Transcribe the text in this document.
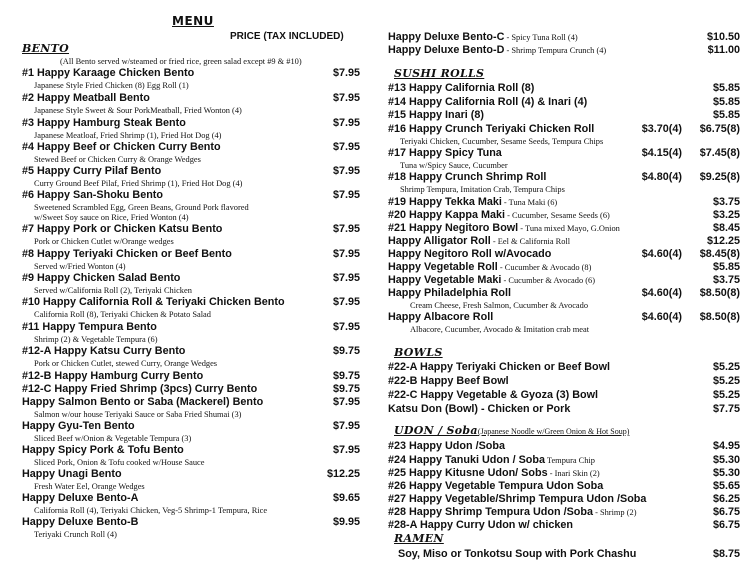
MENU
PRICE (TAX INCLUDED)
BENTO
(All Bento served w/steamed or fried rice, green salad except #9 & #10)
#1 Happy Karaage Chicken Bento	$7.95
Japanese Style Fried Chicken (8) Egg Roll (1)
#2 Happy Meatball Bento	$7.95
Japanese Style Sweet & Sour PorkMeatball, Fried Wonton (4)
#3 Happy Hamburg Steak Bento	$7.95
Japanese Meatloaf, Fried Shrimp (1), Fried Hot Dog (4)
#4 Happy Beef or Chicken Curry Bento	$7.95
Stewed Beef or Chicken Curry & Orange Wedges
#5 Happy Curry Pilaf Bento	$7.95
Curry Ground Beef Pilaf, Fried Shrimp (1), Fried Hot Dog (4)
#6 Happy San-Shoku Bento	$7.95
Sweetened Scrambled Egg, Green Beans, Ground Pork flavored
w/Sweet Soy sauce on Rice, Fried Wonton (4)
#7 Happy Pork or Chicken Katsu Bento	$7.95
Pork or Chicken Cutlet w/Orange wedges
#8 Happy Teriyaki Chicken or Beef Bento	$7.95
Served w/Fried Wonton (4)
#9 Happy Chicken Salad Bento	$7.95
Served w/California Roll (2), Teriyaki Chicken
#10 Happy California Roll & Teriyaki Chicken Bento	$7.95
California Roll (8), Teriyaki Chicken & Potato Salad
#11 Happy Tempura Bento	$7.95
Shrimp (2) & Vegetable Tempura (6)
#12-A Happy Katsu Curry Bento	$9.75
Pork or Chicken Cutlet, stewed Curry, Orange Wedges
#12-B Happy Hamburg Curry Bento	$9.75
#12-C Happy Fried Shrimp (3pcs) Curry Bento	$9.75
Happy Salmon Bento or Saba (Mackerel) Bento	$7.95
Salmon w/our house Teriyaki Sauce or Saba Fried Shumai (3)
Happy Gyu-Ten Bento	$7.95
Sliced Beef w/Onion & Vegetable Tempura (3)
Happy Spicy Pork & Tofu Bento	$7.95
Sliced Pork, Onion & Tofu cooked w/House Sauce
Happy Unagi Bento	$12.25
Fresh Water Eel, Orange Wedges
Happy Deluxe Bento-A	$9.65
California Roll (4), Teriyaki Chicken, Veg-5 Shrimp-1 Tempura, Rice
Happy Deluxe Bento-B	$9.95
Teriyaki Crunch Roll (4)
Happy Deluxe Bento-C - Spicy Tuna Roll (4)	$10.50
Happy Deluxe Bento-D - Shrimp Tempura Crunch (4)	$11.00
SUSHI ROLLS
#13 Happy California Roll (8)	$5.85
#14 Happy California Roll (4) & Inari (4)	$5.85
#15 Happy Inari (8)	$5.85
#16 Happy Crunch Teriyaki Chicken Roll	$3.70(4) $6.75(8)
Teriyaki Chicken, Cucumber, Sesame Seeds, Tempura Chips
#17 Happy Spicy Tuna	$4.15(4) $7.45(8)
Tuna w/Spicy Sauce, Cucumber
#18 Happy Crunch Shrimp Roll	$4.80(4) $9.25(8)
Shrimp Tempura, Imitation Crab, Tempura Chips
#19 Happy Tekka Maki - Tuna Maki (6)	$3.75
#20 Happy Kappa Maki - Cucumber, Sesame Seeds (6)	$3.25
#21 Happy Negitoro Bowl - Tuna mixed Mayo, G.Onion	$8.45
Happy Alligator Roll - Eel & California Roll	$12.25
Happy Negitoro Roll w/Avocado	$4.60(4) $8.45(8)
Happy Vegetable Roll - Cucumber & Avocado (8)	$5.85
Happy Vegetable Maki - Cucumber & Avocado (6)	$3.75
Happy Philadelphia Roll	$4.60(4) $8.50(8)
Cream Cheese, Fresh Salmon, Cucumber & Avocado
Happy Albacore Roll	$4.60(4) $8.50(8)
Albacore, Cucumber, Avocado & Imitation crab meat
BOWLS
#22-A Happy Teriyaki Chicken or Beef Bowl	$5.25
#22-B Happy Beef Bowl	$5.25
#22-C Happy Vegetable & Gyoza (3) Bowl	$5.25
Katsu Don (Bowl) - Chicken or Pork	$7.75
UDON / Soba(Japanese Noodle w/Green Onion & Hot Soup)
#23 Happy Udon /Soba	$4.95
#24 Happy Tanuki Udon / Soba Tempura Chip	$5.30
#25 Happy Kitusne Udon/ Sobs - Inari Skin (2)	$5.30
#26 Happy Vegetable Tempura Udon Soba	$5.65
#27 Happy Vegetable/Shrimp Tempura Udon /Soba	$6.25
#28 Happy Shrimp Tempura Udon /Soba - Shrimp (2)	$6.75
#28-A Happy Curry Udon w/ chicken	$6.75
RAMEN
Soy, Miso or Tonkotsu Soup with Pork Chashu	$8.75
